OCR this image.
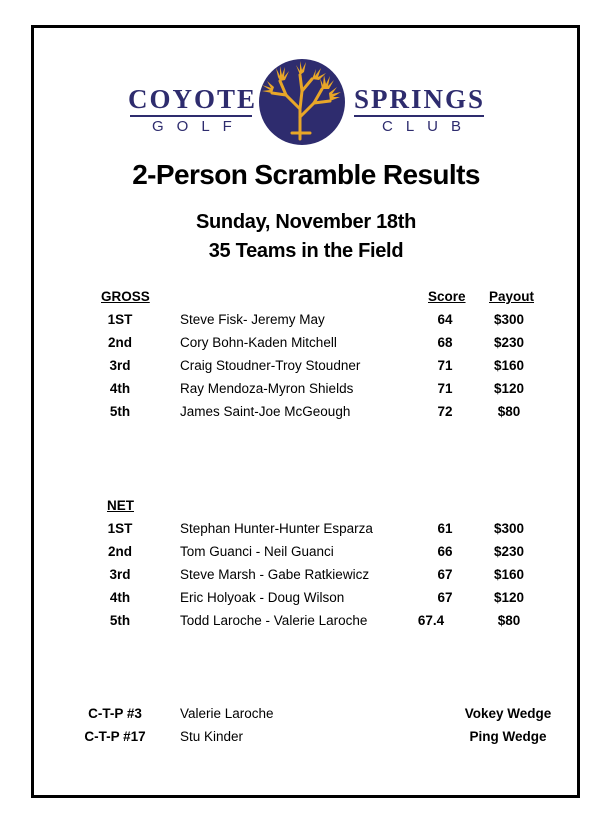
COYOTE	SPRINGS
GOLF	CLUB
2-Person Scramble Results
Sunday, November 18th
35 Teams in the Field
GROSS	Score Payout
1ST	Steve Fisk- Jeremy May	64	$300
2nd	Cory Bohn-Kaden Mitchell	68	$230
3rd	Craig Stoudner-Troy Stoudner	71	$160
4th	Ray Mendoza-Myron Shields	71	$120
5th	James Saint-Joe McGeough	72	$80
NET
1ST	Stephan Hunter-Hunter Esparza	61	$300
2nd	Tom Guanci - Neil Guanci	66	$230
3rd	Steve Marsh - Gabe Ratkiewicz	67	$160
4th	Eric Holyoak - Doug Wilson	67	$120
5th	Todd Laroche - Valerie Laroche	67.4	$80
C-T-P #3	Valerie Laroche	Vokey Wedge
C-T-P #17	Stu Kinder	Ping Wedge
